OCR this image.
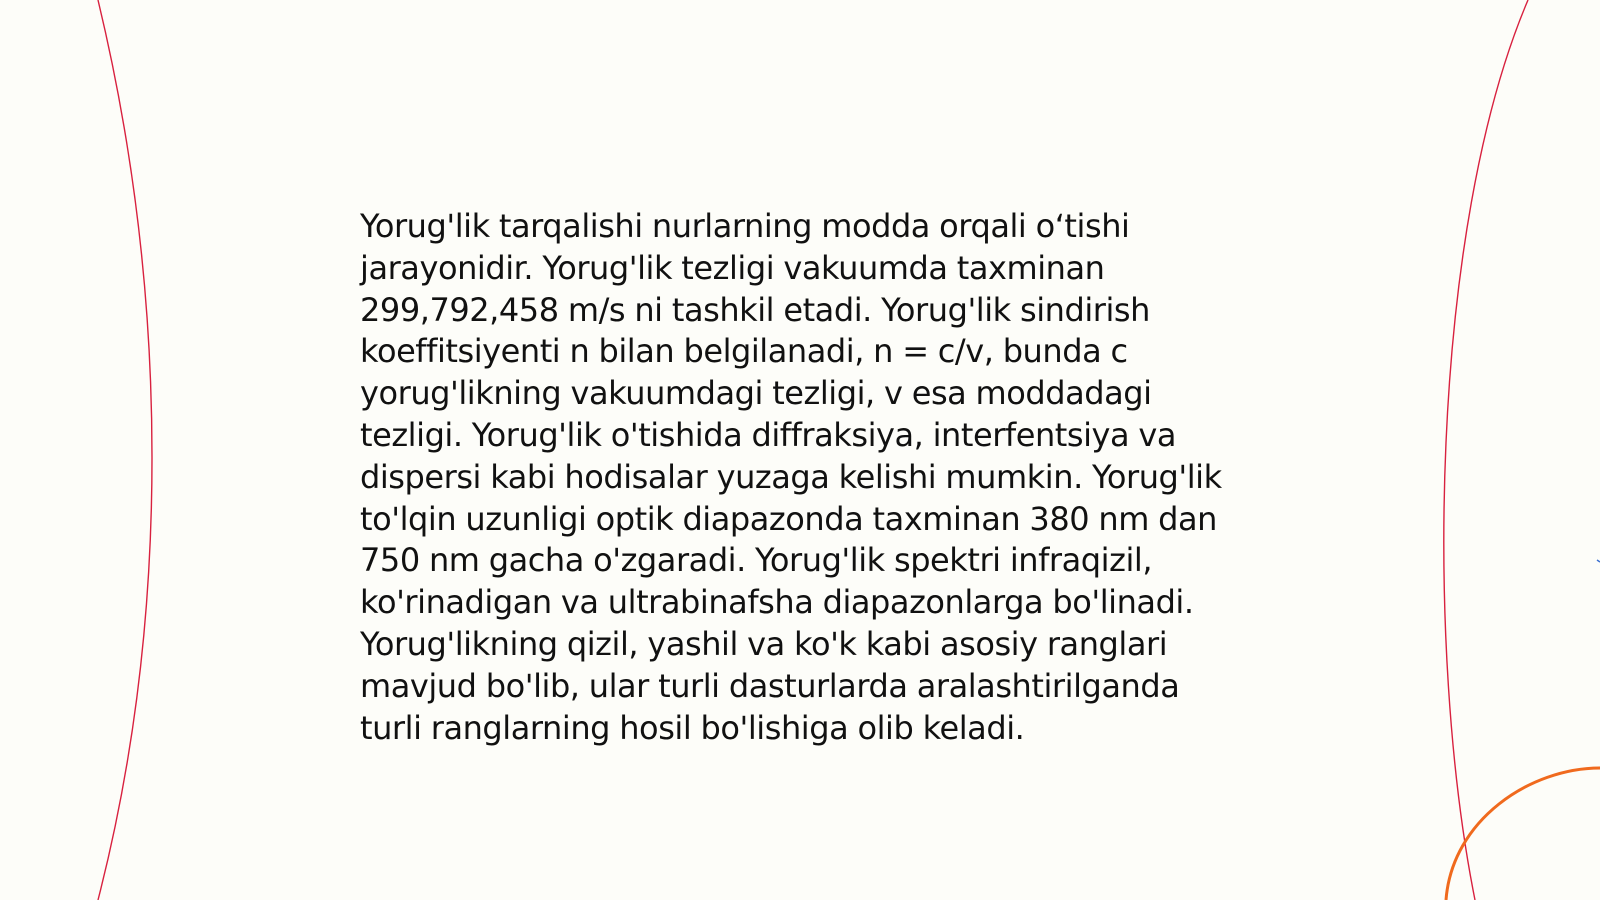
Yorug'lik tarqalishi nurlarning modda orqali o‘tishi jarayonidir. Yorug'lik tezligi vakuumda taxminan 299,792,458 m/s ni tashkil etadi. Yorug'lik sindirish koeffitsiyenti n bilan belgilanadi, n = c/v, bunda c yorug'likning vakuumdagi tezligi, v esa moddadagi tezligi. Yorug'lik o'tishida diffraksiya, interfentsiya va dispersi kabi hodisalar yuzaga kelishi mumkin. Yorug'lik to'lqin uzunligi optik diapazonda taxminan 380 nm dan 750 nm gacha o'zgaradi. Yorug'lik spektri infraqizil, ko'rinadigan va ultrabinafsha diapazonlarga bo'linadi. Yorug'likning qizil, yashil va ko'k kabi asosiy ranglari mavjud bo'lib, ular turli dasturlarda aralashtirilganda turli ranglarning hosil bo'lishiga olib keladi.
